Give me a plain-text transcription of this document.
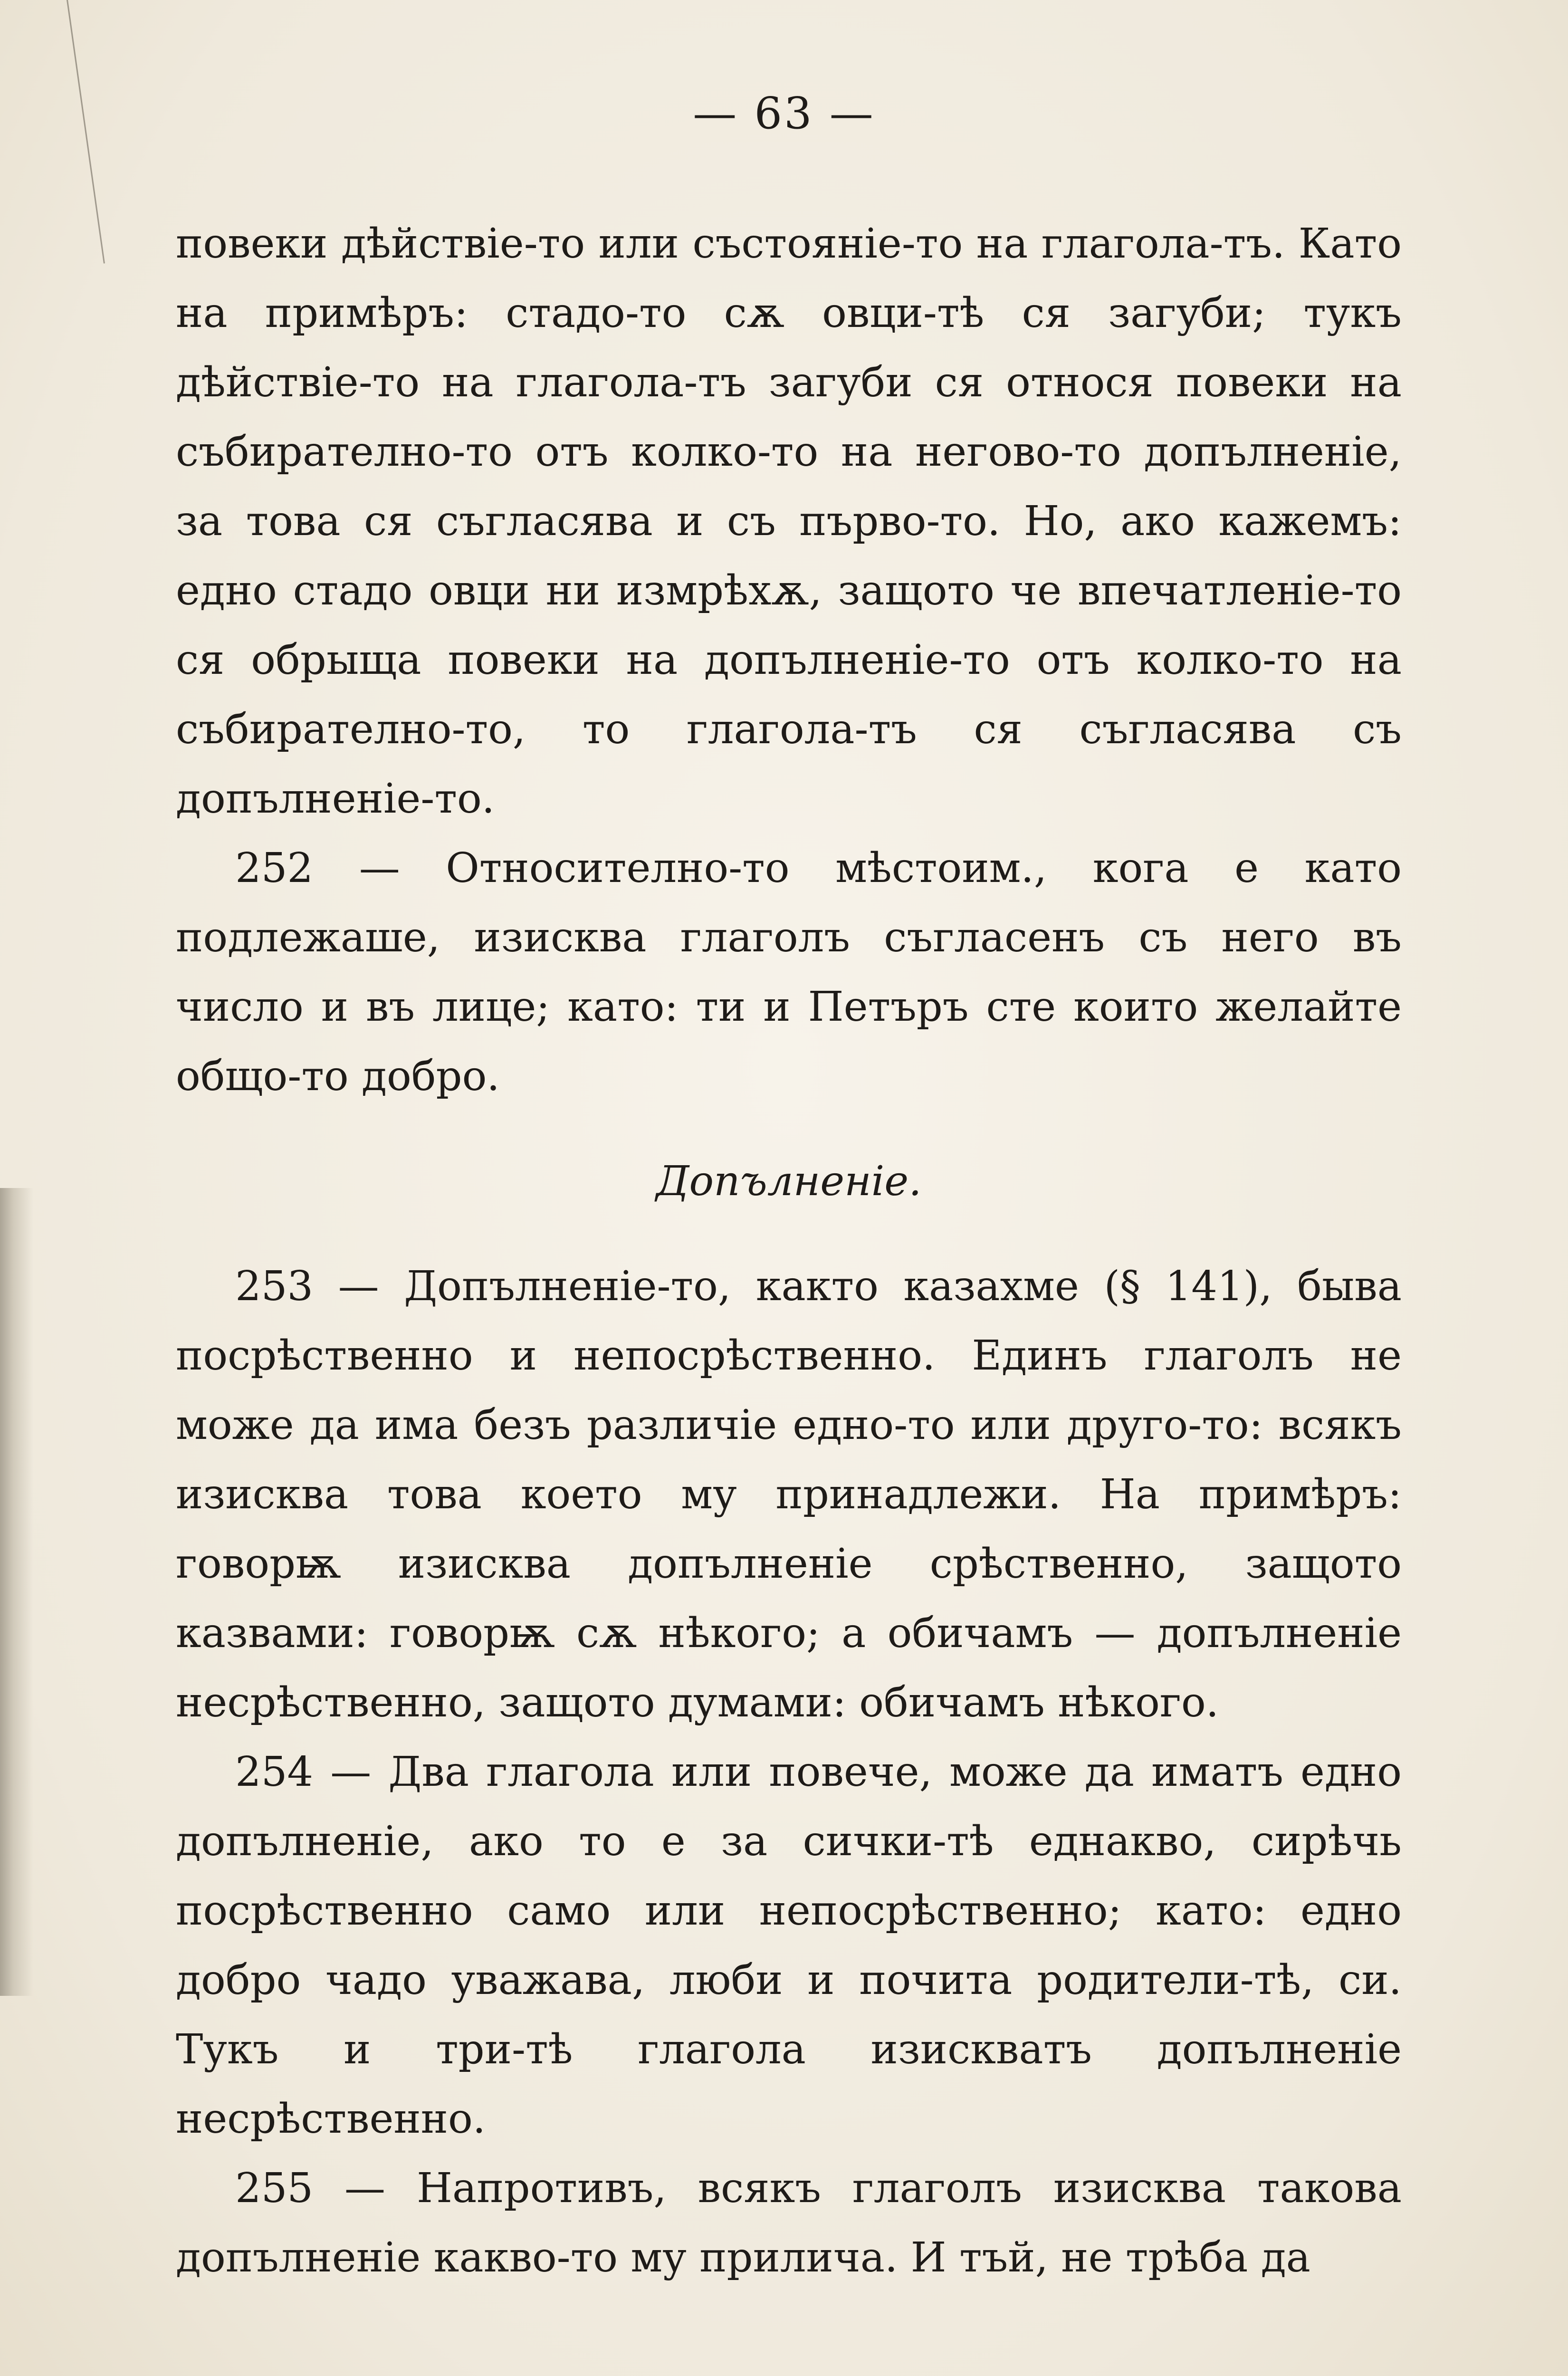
— 63 —

повеки дѣйствіе-то или състояніе-то на глагола-тъ. Като на примѣръ: стадо-то сѫ овци-тѣ ся загуби; тукъ дѣйствіе-то на глагола-тъ загуби ся относя повеки на събирателно-то отъ колко-то на негово-то допълненіе, за това ся съгласява и съ първо-то. Но, ако кажемъ: едно стадо овци ни измрѣхѫ, защото че впечатленіе-то ся обрыща повеки на допълненіе-то отъ колко-то на събирателно-то, то глагола-тъ ся съгласява съ допълненіе-то.

252 — Относително-то мѣстоим., кога е като подлежаше, изисква глаголъ съгласенъ съ него въ число и въ лице; като: ти и Петъръ сте които желайте общо-то добро.

Допълненіе.

253 — Допълненіе-то, както казахме (§ 141), быва посрѣственно и непосрѣственно. Единъ глаголъ не може да има безъ различіе едно-то или друго-то: всякъ изисква това което му принадлежи. На примѣръ: говорѭ изисква допълненіе срѣственно, защото казвами: говорѭ сѫ нѣкого; а обичамъ — допълненіе несрѣственно, защото думами: обичамъ нѣкого.

254 — Два глагола или повече, може да иматъ едно допълненіе, ако то е за сички-тѣ еднакво, сирѣчь посрѣственно само или непосрѣственно; като: едно добро чадо уважава, люби и почита родители-тѣ, си. Тукъ и три-тѣ глагола изискватъ допълненіе несрѣственно.

255 — Напротивъ, всякъ глаголъ изисква такова допълненіе какво-то му прилича. И тъй, не трѣба да
